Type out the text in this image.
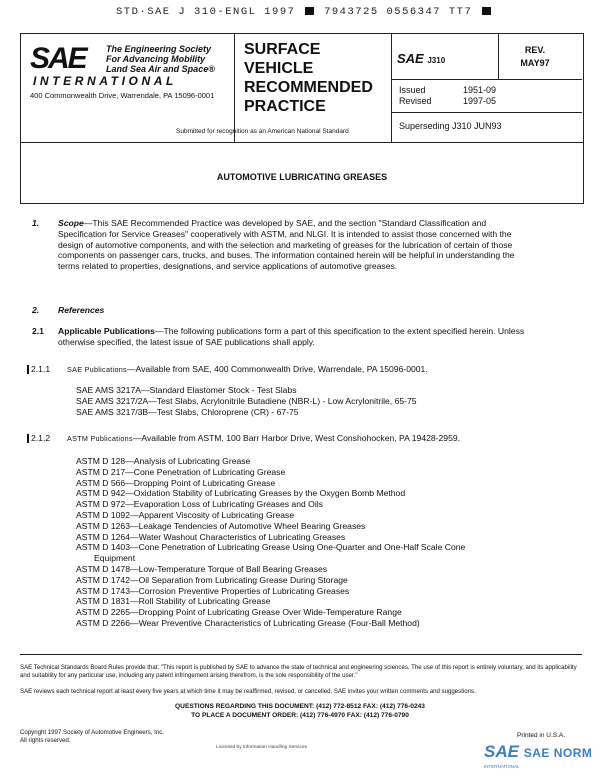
STD·SAE J 310-ENGL 1997	7943725 0556347 TT7
SAE The Engineering Society
For Advancing Mobility
Land Sea Air and Space®
INTERNATIONAL
400 Commonwealth Drive, Warrendale, PA 15096-0001
SURFACE
VEHICLE
RECOMMENDED
PRACTICE
Submitted for recognition as an American National Standard
SAE J310
REV.
MAY97
Issued	1951-09
Revised	1997-05
Superseding J310 JUN93
AUTOMOTIVE LUBRICATING GREASES
1. Scope—This SAE Recommended Practice was developed by SAE, and the section "Standard Classification and Specification for Service Greases" cooperatively with ASTM, and NLGI. It is intended to assist those concerned with the design of automotive components, and with the selection and marketing of greases for the lubrication of certain of those components on passenger cars, trucks, and buses. The information contained herein will be helpful in understanding the terms related to properties, designations, and service applications of automotive greases.
2. References
2.1 Applicable Publications—The following publications form a part of this specification to the extent specified herein. Unless otherwise specified, the latest issue of SAE publications shall apply.
2.1.1 SAE Publications—Available from SAE, 400 Commonwealth Drive, Warrendale, PA 15096-0001.
SAE AMS 3217A—Standard Elastomer Stock - Test Slabs
SAE AMS 3217/2A—Test Slabs, Acrylonitrile Butadiene (NBR-L) - Low Acrylonitrile, 65-75
SAE AMS 3217/3B—Test Slabs, Chloroprene (CR) - 67-75
2.1.2 ASTM Publications—Available from ASTM, 100 Barr Harbor Drive, West Conshohocken, PA 19428-2959.
ASTM D 128—Analysis of Lubricating Grease
ASTM D 217—Cone Penetration of Lubricating Grease
ASTM D 566—Dropping Point of Lubricating Grease
ASTM D 942—Oxidation Stability of Lubricating Greases by the Oxygen Bomb Method
ASTM D 972—Evaporation Loss of Lubricating Greases and Oils
ASTM D 1092—Apparent Viscosity of Lubricating Grease
ASTM D 1263—Leakage Tendencies of Automotive Wheel Bearing Greases
ASTM D 1264—Water Washout Characteristics of Lubricating Greases
ASTM D 1403—Cone Penetration of Lubricating Grease Using One-Quarter and One-Half Scale Cone
Equipment
ASTM D 1478—Low-Temperature Torque of Ball Bearing Greases
ASTM D 1742—Oil Separation from Lubricating Grease During Storage
ASTM D 1743—Corrosion Preventive Properties of Lubricating Greases
ASTM D 1831—Roll Stability of Lubricating Grease
ASTM D 2265—Dropping Point of Lubricating Grease Over Wide-Temperature Range
ASTM D 2266—Wear Preventive Characteristics of Lubricating Grease (Four-Ball Method)
SAE Technical Standards Board Rules provide that: "This report is published by SAE to advance the state of technical and engineering sciences. The use of this report is entirely voluntary, and its applicability and suitability for any particular use, including any patent infringement arising therefrom, is the sole responsibility of the user."
SAE reviews each technical report at least every five years at which time it may be reaffirmed, revised, or cancelled. SAE invites your written comments and suggestions.
QUESTIONS REGARDING THIS DOCUMENT: (412) 772-8512 FAX: (412) 776-0243
TO PLACE A DOCUMENT ORDER: (412) 776-4970 FAX: (412) 776-0790
Copyright 1997 Society of Automotive Engineers, Inc.
All rights reserved.
Licensed by Information Handling Services
Printed in U.S.A.
SAE SAE NORM
INTERNATIONAL
